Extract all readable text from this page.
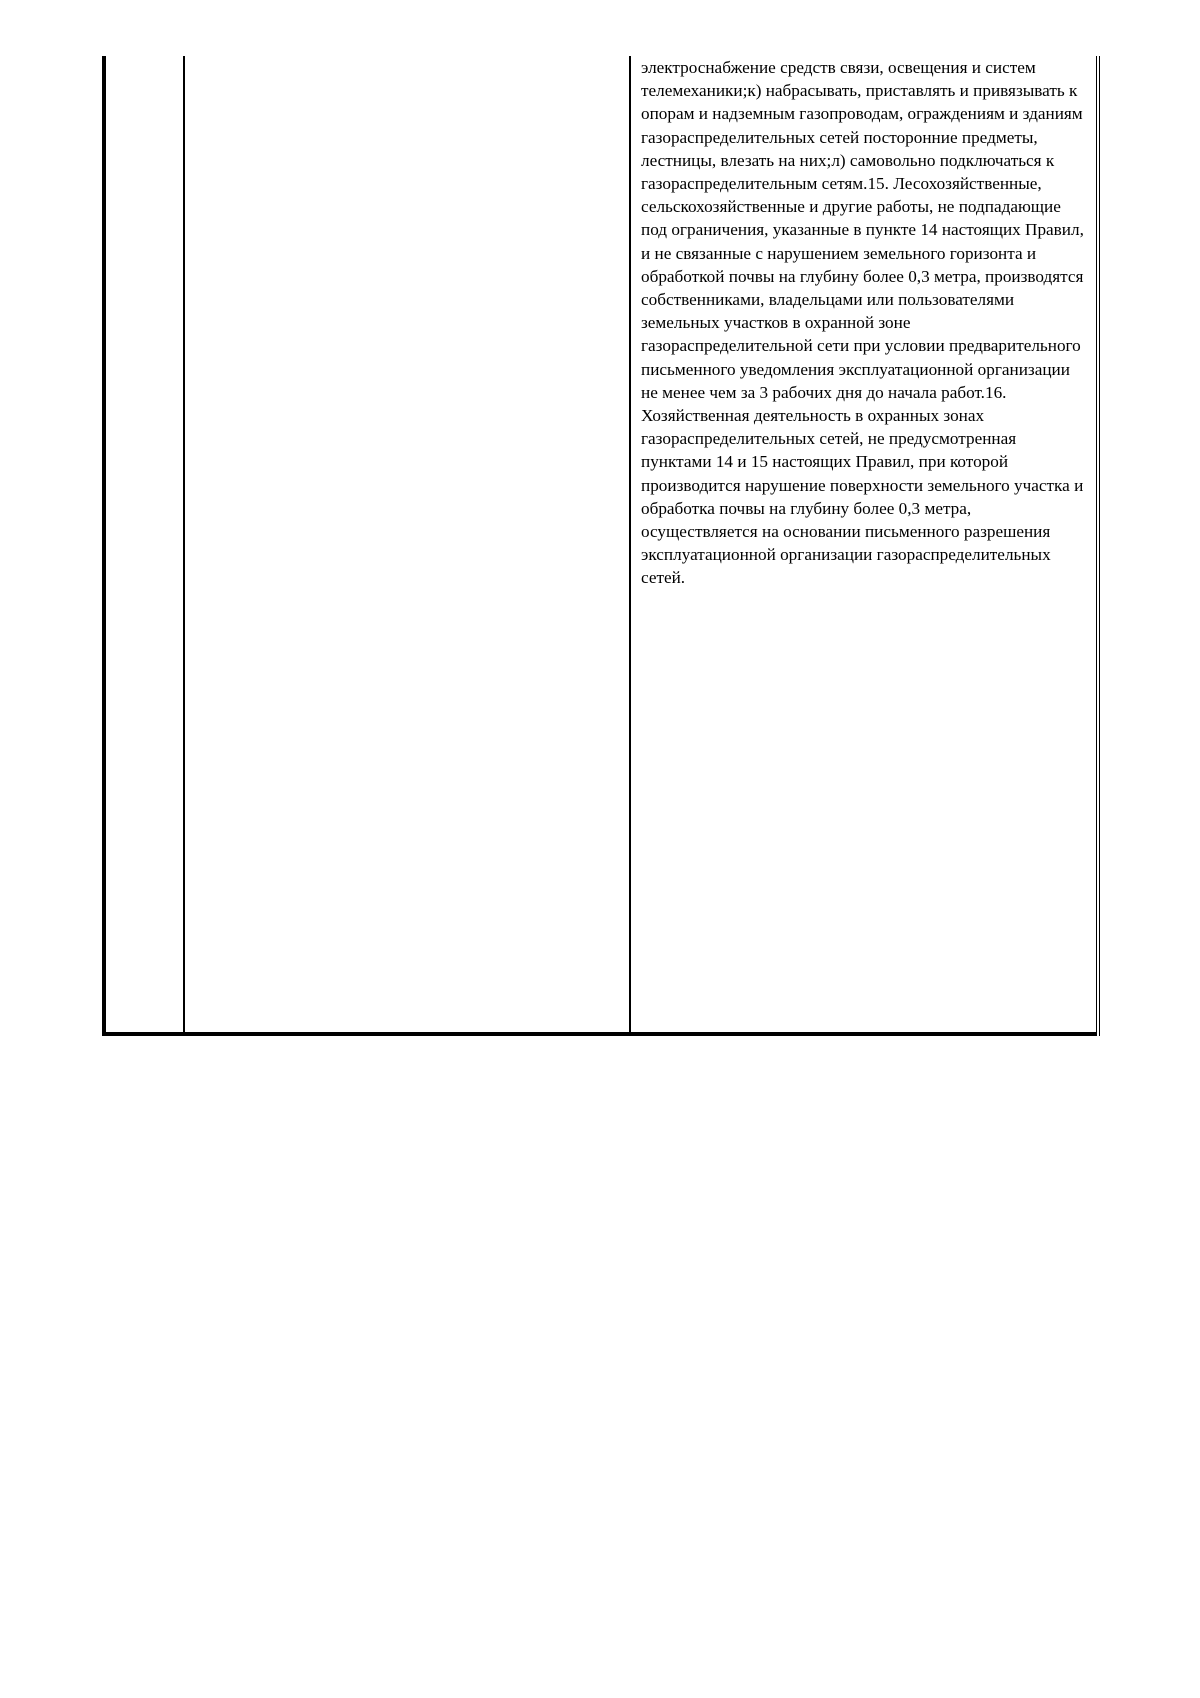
электроснабжение средств связи, освещения и систем телемеханики;к) набрасывать, приставлять и привязывать к опорам и надземным газопроводам, ограждениям и зданиям газораспределительных сетей посторонние предметы, лестницы, влезать на них;л) самовольно подключаться к газораспределительным сетям.15. Лесохозяйственные, сельскохозяйственные и другие работы, не подпадающие под ограничения, указанные в пункте 14 настоящих Правил, и не связанные с нарушением земельного горизонта и обработкой почвы на глубину более 0,3 метра, производятся собственниками, владельцами или пользователями земельных участков в охранной зоне газораспределительной сети при условии предварительного письменного уведомления эксплуатационной организации не менее чем за 3 рабочих дня до начала работ.16. Хозяйственная деятельность в охранных зонах газораспределительных сетей, не предусмотренная пунктами 14 и 15 настоящих Правил, при которой производится нарушение поверхности земельного участка и обработка почвы на глубину более 0,3 метра, осуществляется на основании письменного разрешения эксплуатационной организации газораспределительных сетей.
